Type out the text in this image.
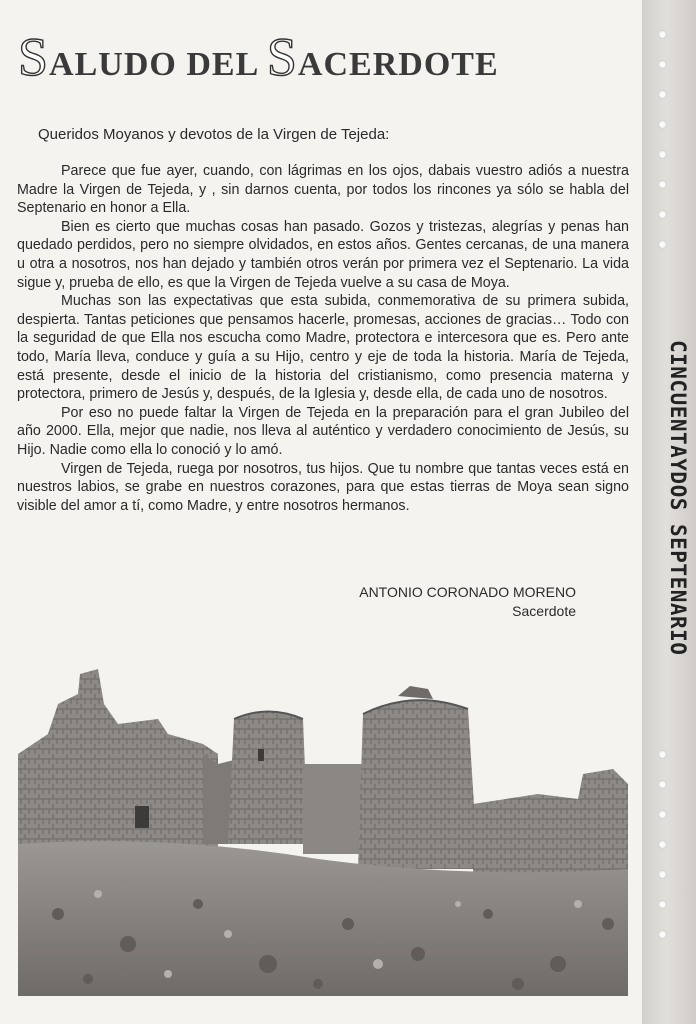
SALUDO DEL SACERDOTE

Queridos Moyanos y devotos de la Virgen de Tejeda:

Parece que fue ayer, cuando, con lágrimas en los ojos, dabais vuestro adiós a nuestra Madre la Virgen de Tejeda, y , sin darnos cuenta, por todos los rincones ya sólo se habla del Septenario en honor a Ella.

Bien es cierto que muchas cosas han pasado. Gozos y tristezas, alegrías y penas han quedado perdidos, pero no siempre olvidados, en estos años. Gentes cercanas, de una manera u otra a nosotros, nos han dejado y también otros verán por primera vez el Septenario. La vida sigue y, prueba de ello, es que la Virgen de Tejeda vuelve a su casa de Moya.

Muchas son las expectativas que esta subida, conmemorativa de su primera subida, despierta. Tantas peticiones que pensamos hacerle, promesas, acciones de gracias… Todo con la seguridad de que Ella nos escucha como Madre, protectora e intercesora que es. Pero ante todo, María lleva, conduce y guía a su Hijo, centro y eje de toda la historia. María de Tejeda, está presente, desde el inicio de la historia del cristianismo, como presencia materna y protectora, primero de Jesús y, después, de la Iglesia y, desde ella, de cada uno de nosotros.

Por eso no puede faltar la Virgen de Tejeda en la preparación para el gran Jubileo del año 2000. Ella, mejor que nadie, nos lleva al auténtico y verdadero conocimiento de Jesús, su Hijo. Nadie como ella lo conoció y lo amó.

Virgen de Tejeda, ruega por nosotros, tus hijos. Que tu nombre que tantas veces está en nuestros labios, se grabe en nuestros corazones, para que estas tierras de Moya sean signo visible del amor a tí, como Madre, y entre nosotros hermanos.

ANTONIO CORONADO MORENO
Sacerdote	CINCUENTAYDOS SEPTENARIO
